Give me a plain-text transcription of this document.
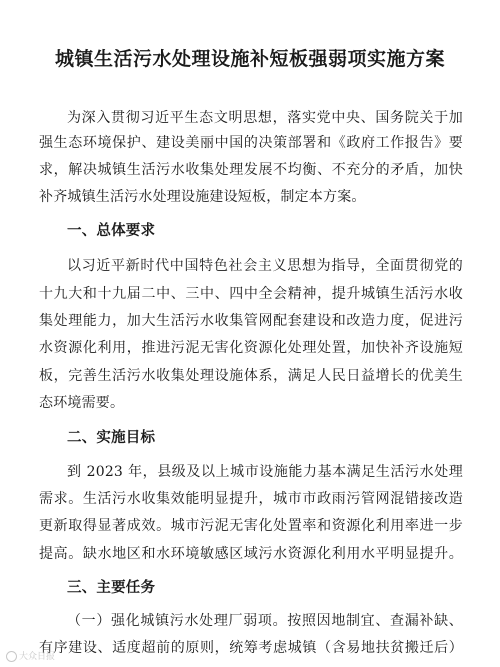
城镇生活污水处理设施补短板强弱项实施方案
为深入贯彻习近平生态文明思想，落实党中央、国务院关于加
强生态环境保护、建设美丽中国的决策部署和《政府工作报告》要
求，解决城镇生活污水收集处理发展不均衡、不充分的矛盾，加快
补齐城镇生活污水处理设施建设短板，制定本方案。
一、总体要求
以习近平新时代中国特色社会主义思想为指导，全面贯彻党的
十九大和十九届二中、三中、四中全会精神，提升城镇生活污水收
集处理能力，加大生活污水收集管网配套建设和改造力度，促进污
水资源化利用，推进污泥无害化资源化处理处置，加快补齐设施短
板，完善生活污水收集处理设施体系，满足人民日益增长的优美生
态环境需要。
二、实施目标
到 2023 年，县级及以上城市设施能力基本满足生活污水处理
需求。生活污水收集效能明显提升，城市市政雨污管网混错接改造
更新取得显著成效。城市污泥无害化处置率和资源化利用率进一步
提高。缺水地区和水环境敏感区域污水资源化利用水平明显提升。
三、主要任务
（一）强化城镇污水处理厂弱项。按照因地制宜、查漏补缺、
有序建设、适度超前的原则，统筹考虑城镇（含易地扶贫搬迁后）
大众日报
